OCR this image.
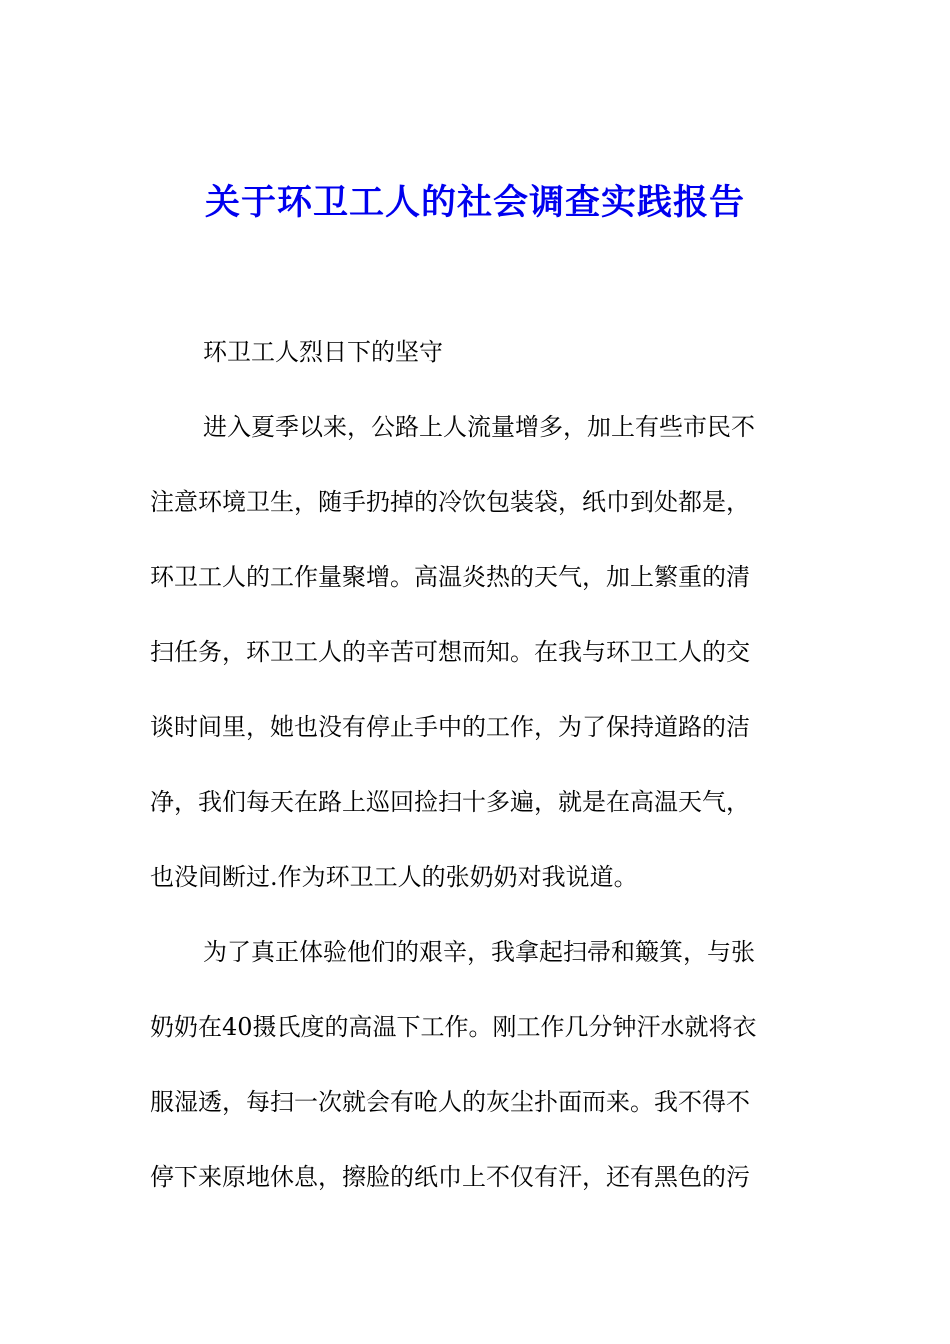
关于环卫工人的社会调查实践报告
环卫工人烈日下的坚守
进入夏季以来，公路上人流量增多，加上有些市民不
注意环境卫生，随手扔掉的冷饮包装袋，纸巾到处都是，
环卫工人的工作量聚增。高温炎热的天气，加上繁重的清
扫任务，环卫工人的辛苦可想而知。在我与环卫工人的交
谈时间里，她也没有停止手中的工作，为了保持道路的洁
净，我们每天在路上巡回捡扫十多遍，就是在高温天气，
也没间断过.作为环卫工人的张奶奶对我说道。
为了真正体验他们的艰辛，我拿起扫帚和簸箕，与张
奶奶在40摄氏度的高温下工作。刚工作几分钟汗水就将衣
服湿透，每扫一次就会有呛人的灰尘扑面而来。我不得不
停下来原地休息，擦脸的纸巾上不仅有汗，还有黑色的污
